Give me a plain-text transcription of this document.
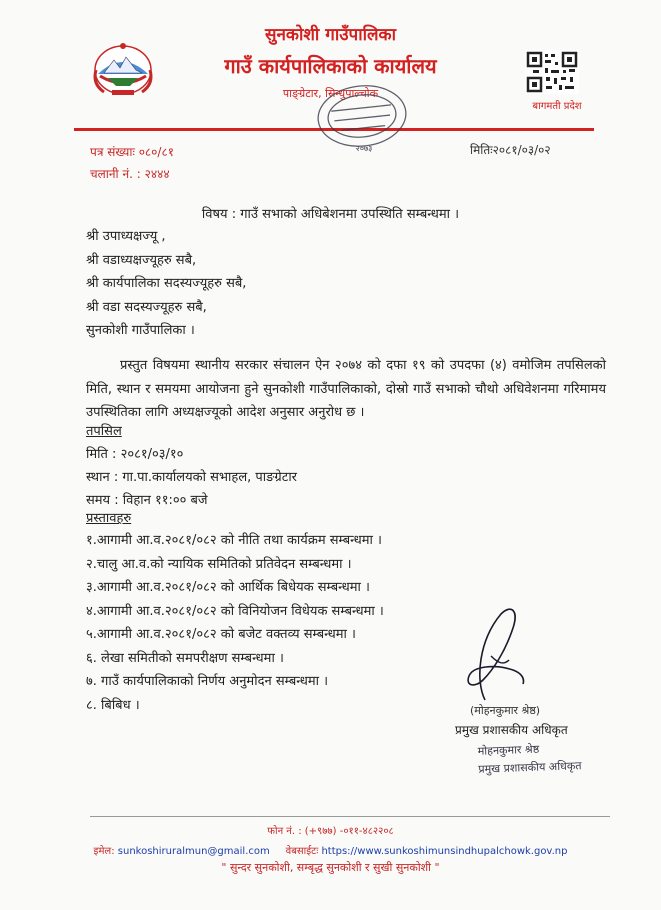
सुनकोशी गाउँपालिका
गाउँ कार्यपालिकाको कार्यालय
पाङ्ग्रेटार, सिन्धुपाल्चोक
बागमती प्रदेश
२०७३
पत्र संख्याः ०८०/८१
चलानी नं. : २४४४
मितिः२०८१/०३/०२
विषय : गाउँ सभाको अधिबेशनमा उपस्थिति सम्बन्धमा ।
श्री उपाध्यक्षज्यू ,
श्री वडाध्यक्षज्यूहरु सबै,
श्री कार्यपालिका सदस्यज्यूहरु सबै,
श्री वडा सदस्यज्यूहरु सबै,
सुनकोशी गाउँपालिका ।
प्रस्तुत विषयमा स्थानीय सरकार संचालन ऐन २०७४ को दफा १९ को उपदफा (४) वमोजिम तपसिलको मिति, स्थान र समयमा आयोजना हुने सुनकोशी गाउँपालिकाको, दोस्रो गाउँ सभाको चौथो अधिवेशनमा गरिमामय उपस्थितिका लागि अध्यक्षज्यूको आदेश अनुसार अनुरोध छ ।
तपसिल
मिति : २०८१/०३/१०
स्थान : गा.पा.कार्यालयको सभाहल, पाङग्रेटार
समय : विहान ११:०० बजे
प्रस्तावहरु
१.आगामी आ.व.२०८१/०८२ को नीति तथा कार्यक्रम सम्बन्धमा ।
२.चालु आ.व.को न्यायिक समितिको प्रतिवेदन सम्बन्धमा ।
३.आगामी आ.व.२०८१/०८२ को आर्थिक बिधेयक सम्बन्धमा ।
४.आगामी आ.व.२०८१/०८२ को विनियोजन विधेयक सम्बन्धमा ।
५.आगामी आ.व.२०८१/०८२ को बजेट वक्तव्य सम्बन्धमा ।
६. लेखा समितीको समपरीक्षण सम्बन्धमा ।
७. गाउँ कार्यपालिकाको निर्णय अनुमोदन सम्बन्धमा ।
८. बिबिध ।	(मोहनकुमार श्रेष्ठ)
प्रमुख प्रशासकीय अधिकृत
मोहनकुमार श्रेष्ठ
प्रमुख प्रशासकीय अधिकृत
फोन नं. : (+९७७) -०११-४८२२०८
इमेल: sunkoshiruralmun@gmail.com वेबसाईटः https://www.sunkoshimunsindhupalchowk.gov.np
" सुन्दर सुनकोशी, सम्बृद्ध सुनकोशी र सुखी सुनकोशी "
